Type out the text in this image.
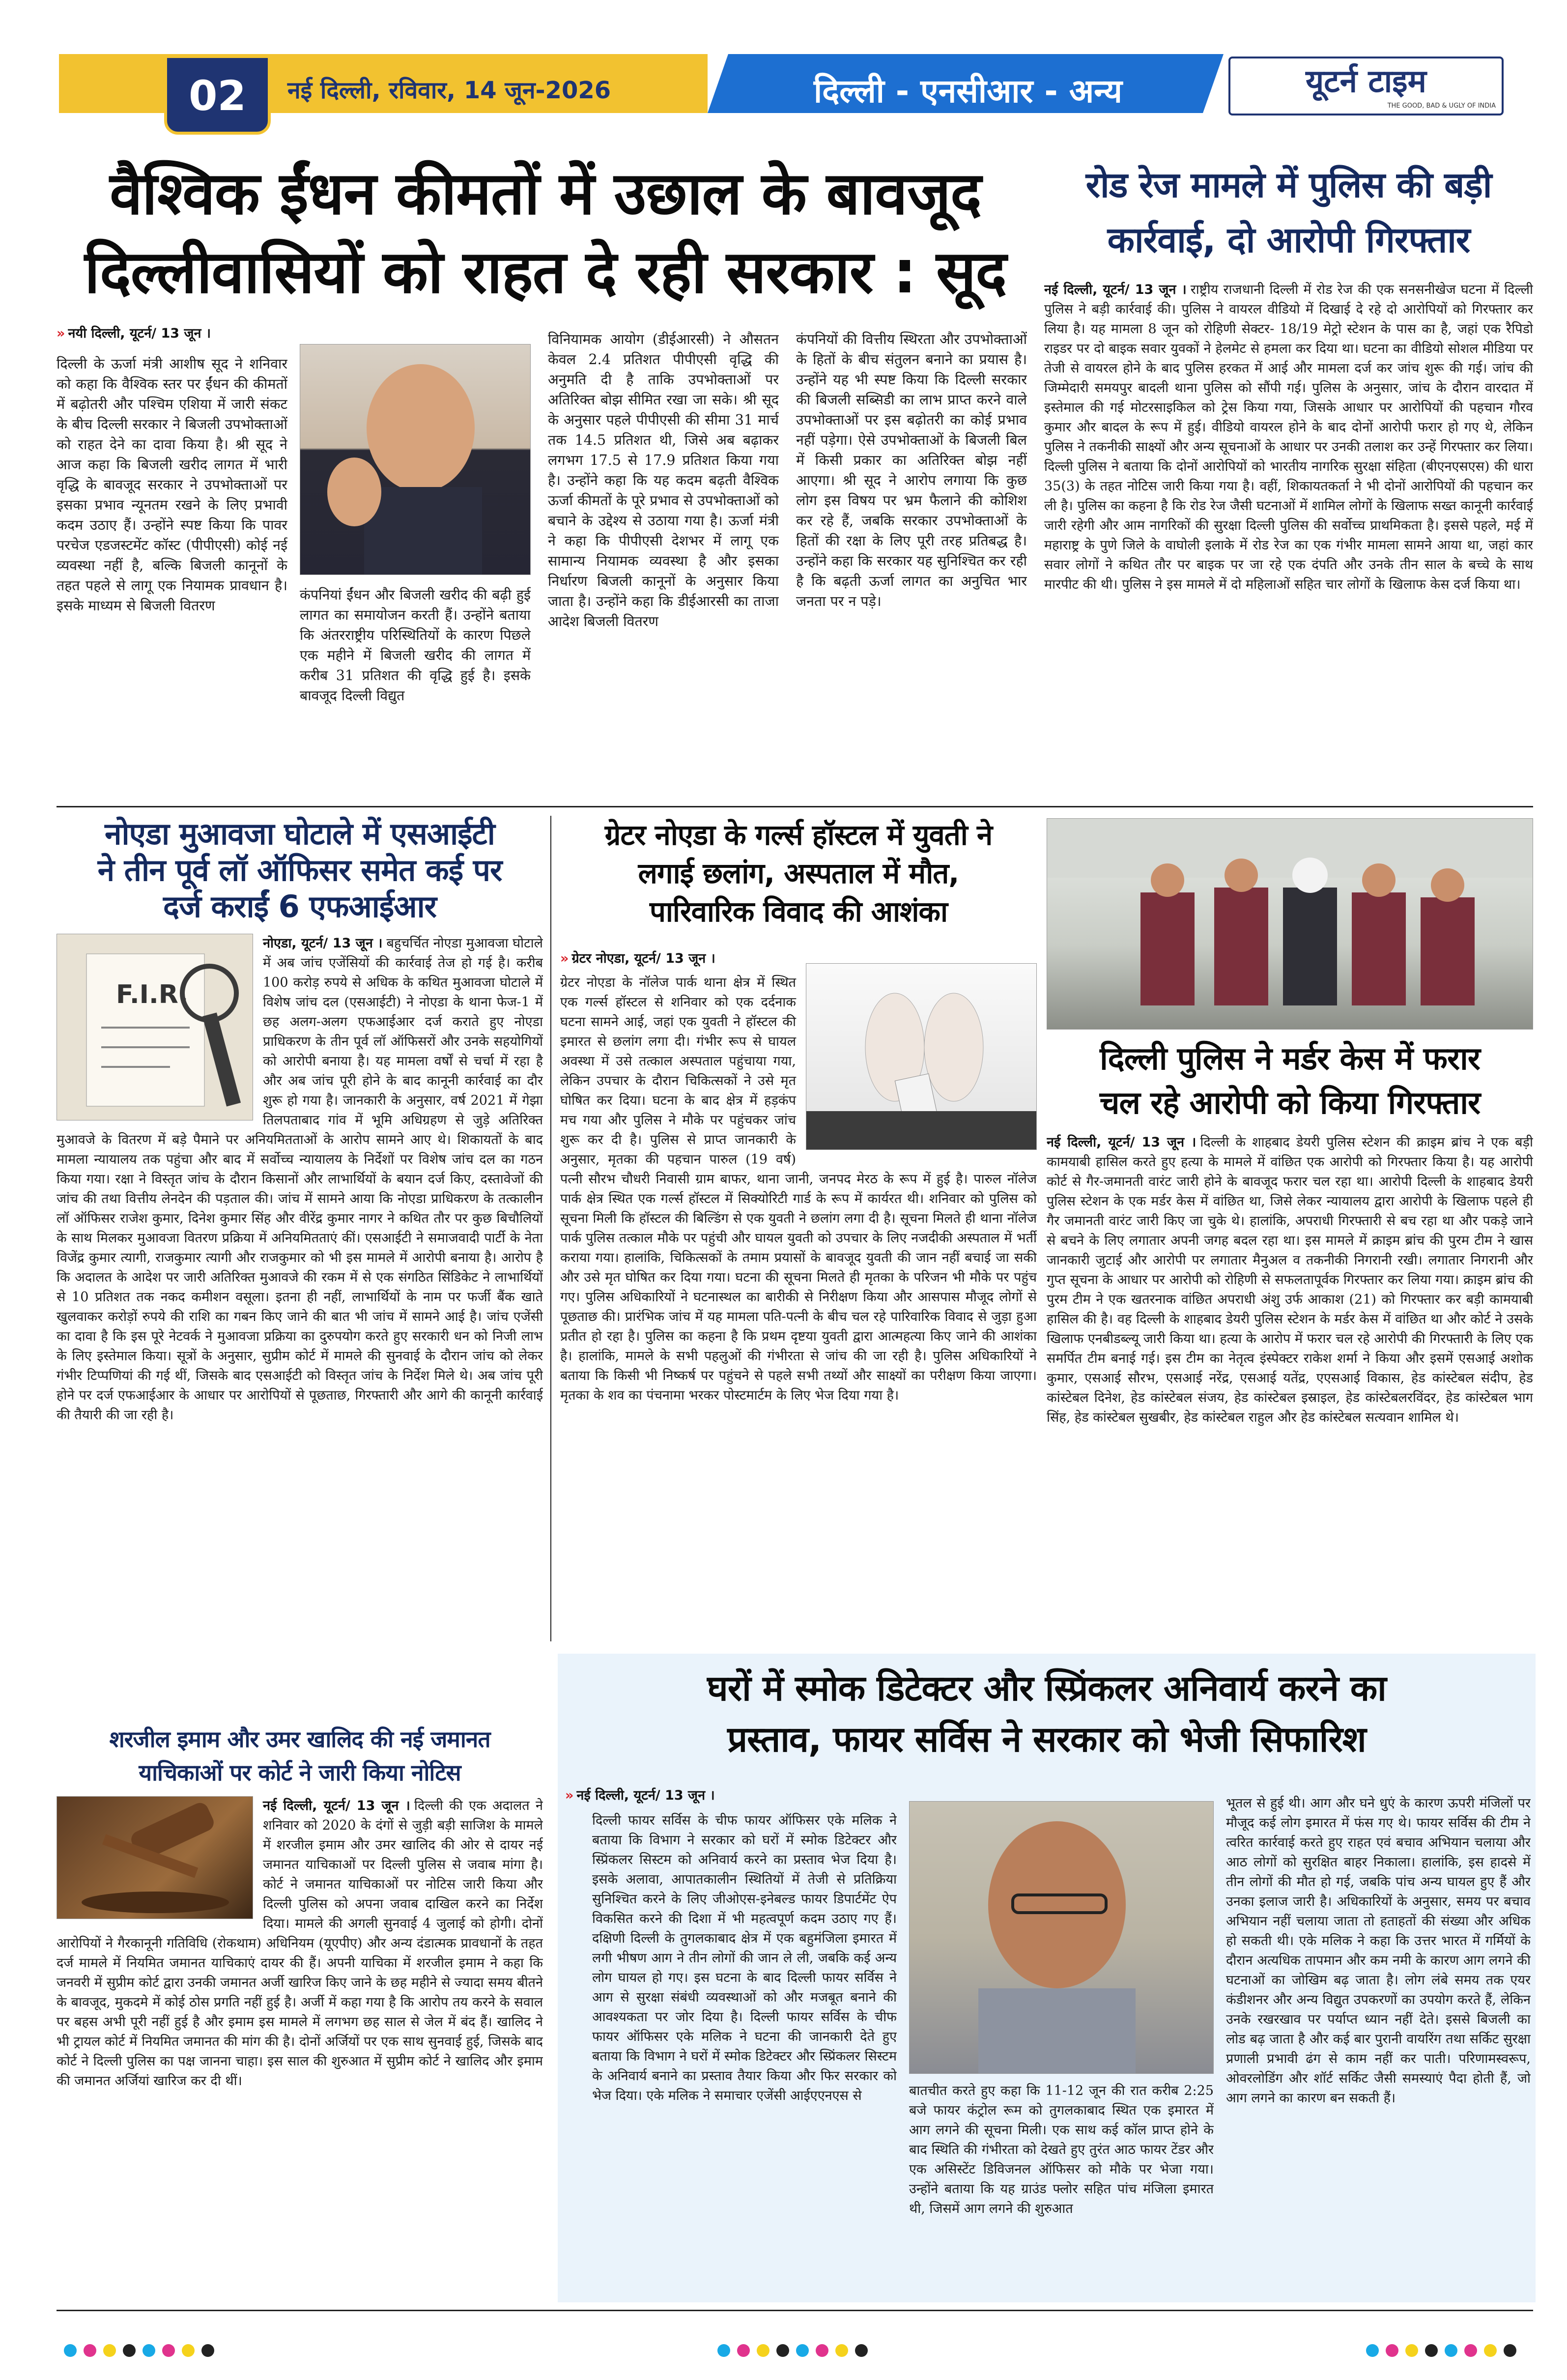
02	नई दिल्ली, रविवार, 14 जून-2026	दिल्ली - एनसीआर - अन्य	यूटर्न टाइम
THE GOOD, BAD & UGLY OF INDIA
वैश्विक ईंधन कीमतों में उछाल के बावजूद
दिल्लीवासियों को राहत दे रही सरकार : सूद
» नयी दिल्ली, यूटर्न/ 13 जून ।
दिल्ली के ऊर्जा मंत्री आशीष सूद ने शनिवार को कहा कि वैश्विक स्तर पर ईंधन की कीमतों में बढ़ोतरी और पश्चिम एशिया में जारी संकट के बीच दिल्ली सरकार ने बिजली उपभोक्ताओं को राहत देने का दावा किया है। श्री सूद ने आज कहा कि बिजली खरीद लागत में भारी वृद्धि के बावजूद सरकार ने उपभोक्ताओं पर इसका प्रभाव न्यूनतम रखने के लिए प्रभावी कदम उठाए हैं। उन्होंने स्पष्ट किया कि पावर परचेज एडजस्टमेंट कॉस्ट (पीपीएसी) कोई नई व्यवस्था नहीं है, बल्कि बिजली कानूनों के तहत पहले से लागू एक नियामक प्रावधान है। इसके माध्यम से बिजली वितरण
कंपनियां ईंधन और बिजली खरीद की बढ़ी हुई लागत का समायोजन करती हैं। उन्होंने बताया कि अंतरराष्ट्रीय परिस्थितियों के कारण पिछले एक महीने में बिजली खरीद की लागत में करीब 31 प्रतिशत की वृद्धि हुई है। इसके बावजूद दिल्ली विद्युत
विनियामक आयोग (डीईआरसी) ने औसतन केवल 2.4 प्रतिशत पीपीएसी वृद्धि की अनुमति दी है ताकि उपभोक्ताओं पर अतिरिक्त बोझ सीमित रखा जा सके। श्री सूद के अनुसार पहले पीपीएसी की सीमा 31 मार्च तक 14.5 प्रतिशत थी, जिसे अब बढ़ाकर लगभग 17.5 से 17.9 प्रतिशत किया गया है। उन्होंने कहा कि यह कदम बढ़ती वैश्विक ऊर्जा कीमतों के पूरे प्रभाव से उपभोक्ताओं को बचाने के उद्देश्य से उठाया गया है। ऊर्जा मंत्री ने कहा कि पीपीएसी देशभर में लागू एक सामान्य नियामक व्यवस्था है और इसका निर्धारण बिजली कानूनों के अनुसार किया जाता है। उन्होंने कहा कि डीईआरसी का ताजा आदेश बिजली वितरण
कंपनियों की वित्तीय स्थिरता और उपभोक्ताओं के हितों के बीच संतुलन बनाने का प्रयास है। उन्होंने यह भी स्पष्ट किया कि दिल्ली सरकार की बिजली सब्सिडी का लाभ प्राप्त करने वाले उपभोक्ताओं पर इस बढ़ोतरी का कोई प्रभाव नहीं पड़ेगा। ऐसे उपभोक्ताओं के बिजली बिल में किसी प्रकार का अतिरिक्त बोझ नहीं आएगा। श्री सूद ने आरोप लगाया कि कुछ लोग इस विषय पर भ्रम फैलाने की कोशिश कर रहे हैं, जबकि सरकार उपभोक्ताओं के हितों की रक्षा के लिए पूरी तरह प्रतिबद्ध है। उन्होंने कहा कि सरकार यह सुनिश्चित कर रही है कि बढ़ती ऊर्जा लागत का अनुचित भार जनता पर न पड़े।
रोड रेज मामले में पुलिस की बड़ी
कार्रवाई, दो आरोपी गिरफ्तार
नई दिल्ली, यूटर्न/ 13 जून । राष्ट्रीय राजधानी दिल्ली में रोड रेज की एक सनसनीखेज घटना में दिल्ली पुलिस ने बड़ी कार्रवाई की। पुलिस ने वायरल वीडियो में दिखाई दे रहे दो आरोपियों को गिरफ्तार कर लिया है। यह मामला 8 जून को रोहिणी सेक्टर- 18/19 मेट्रो स्टेशन के पास का है, जहां एक रैपिडो राइडर पर दो बाइक सवार युवकों ने हेलमेट से हमला कर दिया था। घटना का वीडियो सोशल मीडिया पर तेजी से वायरल होने के बाद पुलिस हरकत में आई और मामला दर्ज कर जांच शुरू की गई। जांच की जिम्मेदारी समयपुर बादली थाना पुलिस को सौंपी गई। पुलिस के अनुसार, जांच के दौरान वारदात में इस्तेमाल की गई मोटरसाइकिल को ट्रेस किया गया, जिसके आधार पर आरोपियों की पहचान गौरव कुमार और बादल के रूप में हुई। वीडियो वायरल होने के बाद दोनों आरोपी फरार हो गए थे, लेकिन पुलिस ने तकनीकी साक्ष्यों और अन्य सूचनाओं के आधार पर उनकी तलाश कर उन्हें गिरफ्तार कर लिया। दिल्ली पुलिस ने बताया कि दोनों आरोपियों को भारतीय नागरिक सुरक्षा संहिता (बीएनएसएस) की धारा 35(3) के तहत नोटिस जारी किया गया है। वहीं, शिकायतकर्ता ने भी दोनों आरोपियों की पहचान कर ली है। पुलिस का कहना है कि रोड रेज जैसी घटनाओं में शामिल लोगों के खिलाफ सख्त कानूनी कार्रवाई जारी रहेगी और आम नागरिकों की सुरक्षा दिल्ली पुलिस की सर्वोच्च प्राथमिकता है। इससे पहले, मई में महाराष्ट्र के पुणे जिले के वाघोली इलाके में रोड रेज का एक गंभीर मामला सामने आया था, जहां कार सवार लोगों ने कथित तौर पर बाइक पर जा रहे एक दंपति और उनके तीन साल के बच्चे के साथ मारपीट की थी। पुलिस ने इस मामले में दो महिलाओं सहित चार लोगों के खिलाफ केस दर्ज किया था।
नोएडा मुआवजा घोटाले में एसआईटी
ने तीन पूर्व लॉ ऑफिसर समेत कई पर
दर्ज कराईं 6 एफआईआर
F.I.R.
नोएडा, यूटर्न/ 13 जून । बहुचर्चित नोएडा मुआवजा घोटाले में अब जांच एजेंसियों की कार्रवाई तेज हो गई है। करीब 100 करोड़ रुपये से अधिक के कथित मुआवजा घोटाले में विशेष जांच दल (एसआईटी) ने नोएडा के थाना फेज-1 में छह अलग-अलग एफआईआर दर्ज कराते हुए नोएडा प्राधिकरण के तीन पूर्व लॉ ऑफिसरों और उनके सहयोगियों को आरोपी बनाया है। यह मामला वर्षों से चर्चा में रहा है और अब जांच पूरी होने के बाद कानूनी कार्रवाई का दौर शुरू हो गया है। जानकारी के अनुसार, वर्ष 2021 में गेझा तिलपताबाद गांव में भूमि अधिग्रहण से जुड़े अतिरिक्त मुआवजे के वितरण में बड़े पैमाने पर अनियमितताओं के आरोप सामने आए थे। शिकायतों के बाद मामला न्यायालय तक पहुंचा और बाद में सर्वोच्च न्यायालय के निर्देशों पर विशेष जांच दल का गठन किया गया। रक्षा ने विस्तृत जांच के दौरान किसानों और लाभार्थियों के बयान दर्ज किए, दस्तावेजों की जांच की तथा वित्तीय लेनदेन की पड़ताल की। जांच में सामने आया कि नोएडा प्राधिकरण के तत्कालीन लॉ ऑफिसर राजेश कुमार, दिनेश कुमार सिंह और वीरेंद्र कुमार नागर ने कथित तौर पर कुछ बिचौलियों के साथ मिलकर मुआवजा वितरण प्रक्रिया में अनियमितताएं कीं। एसआईटी ने समाजवादी पार्टी के नेता विजेंद्र कुमार त्यागी, राजकुमार त्यागी और राजकुमार को भी इस मामले में आरोपी बनाया है। आरोप है कि अदालत के आदेश पर जारी अतिरिक्त मुआवजे की रकम में से एक संगठित सिंडिकेट ने लाभार्थियों से 10 प्रतिशत तक नकद कमीशन वसूला। इतना ही नहीं, लाभार्थियों के नाम पर फर्जी बैंक खाते खुलवाकर करोड़ों रुपये की राशि का गबन किए जाने की बात भी जांच में सामने आई है। जांच एजेंसी का दावा है कि इस पूरे नेटवर्क ने मुआवजा प्रक्रिया का दुरुपयोग करते हुए सरकारी धन को निजी लाभ के लिए इस्तेमाल किया। सूत्रों के अनुसार, सुप्रीम कोर्ट में मामले की सुनवाई के दौरान जांच को लेकर गंभीर टिप्पणियां की गई थीं, जिसके बाद एसआईटी को विस्तृत जांच के निर्देश मिले थे। अब जांच पूरी होने पर दर्ज एफआईआर के आधार पर आरोपियों से पूछताछ, गिरफ्तारी और आगे की कानूनी कार्रवाई की तैयारी की जा रही है।
शरजील इमाम और उमर खालिद की नई जमानत
याचिकाओं पर कोर्ट ने जारी किया नोटिस
नई दिल्ली, यूटर्न/ 13 जून । दिल्ली की एक अदालत ने शनिवार को 2020 के दंगों से जुड़ी बड़ी साजिश के मामले में शरजील इमाम और उमर खालिद की ओर से दायर नई जमानत याचिकाओं पर दिल्ली पुलिस से जवाब मांगा है। कोर्ट ने जमानत याचिकाओं पर नोटिस जारी किया और दिल्ली पुलिस को अपना जवाब दाखिल करने का निर्देश दिया। मामले की अगली सुनवाई 4 जुलाई को होगी। दोनों आरोपियों ने गैरकानूनी गतिविधि (रोकथाम) अधिनियम (यूएपीए) और अन्य दंडात्मक प्रावधानों के तहत दर्ज मामले में नियमित जमानत याचिकाएं दायर की हैं। अपनी याचिका में शरजील इमाम ने कहा कि जनवरी में सुप्रीम कोर्ट द्वारा उनकी जमानत अर्जी खारिज किए जाने के छह महीने से ज्यादा समय बीतने के बावजूद, मुकदमे में कोई ठोस प्रगति नहीं हुई है। अर्जी में कहा गया है कि आरोप तय करने के सवाल पर बहस अभी पूरी नहीं हुई है और इमाम इस मामले में लगभग छह साल से जेल में बंद हैं। खालिद ने भी ट्रायल कोर्ट में नियमित जमानत की मांग की है। दोनों अर्जियों पर एक साथ सुनवाई हुई, जिसके बाद कोर्ट ने दिल्ली पुलिस का पक्ष जानना चाहा। इस साल की शुरुआत में सुप्रीम कोर्ट ने खालिद और इमाम की जमानत अर्जियां खारिज कर दी थीं।
ग्रेटर नोएडा के गर्ल्स हॉस्टल में युवती ने
लगाई छलांग, अस्पताल में मौत,
पारिवारिक विवाद की आशंका
» ग्रेटर नोएडा, यूटर्न/ 13 जून ।
ग्रेटर नोएडा के नॉलेज पार्क थाना क्षेत्र में स्थित एक गर्ल्स हॉस्टल से शनिवार को एक दर्दनाक घटना सामने आई, जहां एक युवती ने हॉस्टल की इमारत से छलांग लगा दी। गंभीर रूप से घायल अवस्था में उसे तत्काल अस्पताल पहुंचाया गया, लेकिन उपचार के दौरान चिकित्सकों ने उसे मृत घोषित कर दिया। घटना के बाद क्षेत्र में हड़कंप मच गया और पुलिस ने मौके पर पहुंचकर जांच शुरू कर दी है। पुलिस से प्राप्त जानकारी के अनुसार, मृतका की पहचान पारुल (19 वर्ष) पत्नी सौरभ चौधरी निवासी ग्राम बाफर, थाना जानी, जनपद मेरठ के रूप में हुई है। पारुल नॉलेज पार्क क्षेत्र स्थित एक गर्ल्स हॉस्टल में सिक्योरिटी गार्ड के रूप में कार्यरत थी। शनिवार को पुलिस को सूचना मिली कि हॉस्टल की बिल्डिंग से एक युवती ने छलांग लगा दी है। सूचना मिलते ही थाना नॉलेज पार्क पुलिस तत्काल मौके पर पहुंची और घायल युवती को उपचार के लिए नजदीकी अस्पताल में भर्ती कराया गया। हालांकि, चिकित्सकों के तमाम प्रयासों के बावजूद युवती की जान नहीं बचाई जा सकी और उसे मृत घोषित कर दिया गया। घटना की सूचना मिलते ही मृतका के परिजन भी मौके पर पहुंच गए। पुलिस अधिकारियों ने घटनास्थल का बारीकी से निरीक्षण किया और आसपास मौजूद लोगों से पूछताछ की। प्रारंभिक जांच में यह मामला पति-पत्नी के बीच चल रहे पारिवारिक विवाद से जुड़ा हुआ प्रतीत हो रहा है। पुलिस का कहना है कि प्रथम दृष्टया युवती द्वारा आत्महत्या किए जाने की आशंका है। हालांकि, मामले के सभी पहलुओं की गंभीरता से जांच की जा रही है। पुलिस अधिकारियों ने बताया कि किसी भी निष्कर्ष पर पहुंचने से पहले सभी तथ्यों और साक्ष्यों का परीक्षण किया जाएगा। मृतका के शव का पंचनामा भरकर पोस्टमार्टम के लिए भेज दिया गया है।
दिल्ली पुलिस ने मर्डर केस में फरार
चल रहे आरोपी को किया गिरफ्तार
नई दिल्ली, यूटर्न/ 13 जून । दिल्ली के शाहबाद डेयरी पुलिस स्टेशन की क्राइम ब्रांच ने एक बड़ी कामयाबी हासिल करते हुए हत्या के मामले में वांछित एक आरोपी को गिरफ्तार किया है। यह आरोपी कोर्ट से गैर-जमानती वारंट जारी होने के बावजूद फरार चल रहा था। आरोपी दिल्ली के शाहबाद डेयरी पुलिस स्टेशन के एक मर्डर केस में वांछित था, जिसे लेकर न्यायालय द्वारा आरोपी के खिलाफ पहले ही गैर जमानती वारंट जारी किए जा चुके थे। हालांकि, अपराधी गिरफ्तारी से बच रहा था और पकड़े जाने से बचने के लिए लगातार अपनी जगह बदल रहा था। इस मामले में क्राइम ब्रांच की पुरम टीम ने खास जानकारी जुटाई और आरोपी पर लगातार मैनुअल व तकनीकी निगरानी रखी। लगातार निगरानी और गुप्त सूचना के आधार पर आरोपी को रोहिणी से सफलतापूर्वक गिरफ्तार कर लिया गया। क्राइम ब्रांच की पुरम टीम ने एक खतरनाक वांछित अपराधी अंशु उर्फ आकाश (21) को गिरफ्तार कर बड़ी कामयाबी हासिल की है। वह दिल्ली के शाहबाद डेयरी पुलिस स्टेशन के मर्डर केस में वांछित था और कोर्ट ने उसके खिलाफ एनबीडब्ल्यू जारी किया था। हत्या के आरोप में फरार चल रहे आरोपी की गिरफ्तारी के लिए एक समर्पित टीम बनाई गई। इस टीम का नेतृत्व इंस्पेक्टर राकेश शर्मा ने किया और इसमें एसआई अशोक कुमार, एसआई सौरभ, एसआई नरेंद्र, एसआई यतेंद्र, एएसआई विकास, हेड कांस्टेबल संदीप, हेड कांस्टेबल दिनेश, हेड कांस्टेबल संजय, हेड कांस्टेबल इस्राइल, हेड कांस्टेबलरविंदर, हेड कांस्टेबल भाग सिंह, हेड कांस्टेबल सुखबीर, हेड कांस्टेबल राहुल और हेड कांस्टेबल सत्यवान शामिल थे।
घरों में स्मोक डिटेक्टर और स्प्रिंकलर अनिवार्य करने का
प्रस्ताव, फायर सर्विस ने सरकार को भेजी सिफारिश
» नई दिल्ली, यूटर्न/ 13 जून ।
दिल्ली फायर सर्विस के चीफ फायर ऑफिसर एके मलिक ने बताया कि विभाग ने सरकार को घरों में स्मोक डिटेक्टर और स्प्रिंकलर सिस्टम को अनिवार्य करने का प्रस्ताव भेज दिया है। इसके अलावा, आपातकालीन स्थितियों में तेजी से प्रतिक्रिया सुनिश्चित करने के लिए जीओएस-इनेबल्ड फायर डिपार्टमेंट ऐप विकसित करने की दिशा में भी महत्वपूर्ण कदम उठाए गए हैं। दक्षिणी दिल्ली के तुगलकाबाद क्षेत्र में एक बहुमंजिला इमारत में लगी भीषण आग ने तीन लोगों की जान ले ली, जबकि कई अन्य लोग घायल हो गए। इस घटना के बाद दिल्ली फायर सर्विस ने आग से सुरक्षा संबंधी व्यवस्थाओं को और मजबूत बनाने की आवश्यकता पर जोर दिया है। दिल्ली फायर सर्विस के चीफ फायर ऑफिसर एके मलिक ने घटना की जानकारी देते हुए बताया कि विभाग ने घरों में स्मोक डिटेक्टर और स्प्रिंकलर सिस्टम के अनिवार्य बनाने का प्रस्ताव तैयार किया और फिर सरकार को भेज दिया। एके मलिक ने समाचार एजेंसी आईएएनएस से	बातचीत करते हुए कहा कि 11-12 जून की रात करीब 2:25 बजे फायर कंट्रोल रूम को तुगलकाबाद स्थित एक इमारत में आग लगने की सूचना मिली। एक साथ कई कॉल प्राप्त होने के बाद स्थिति की गंभीरता को देखते हुए तुरंत आठ फायर टेंडर और एक असिस्टेंट डिविजनल ऑफिसर को मौके पर भेजा गया। उन्होंने बताया कि यह ग्राउंड फ्लोर सहित पांच मंजिला इमारत थी, जिसमें आग लगने की शुरुआत
भूतल से हुई थी। आग और घने धुएं के कारण ऊपरी मंजिलों पर मौजूद कई लोग इमारत में फंस गए थे। फायर सर्विस की टीम ने त्वरित कार्रवाई करते हुए राहत एवं बचाव अभियान चलाया और आठ लोगों को सुरक्षित बाहर निकाला। हालांकि, इस हादसे में तीन लोगों की मौत हो गई, जबकि पांच अन्य घायल हुए हैं और उनका इलाज जारी है। अधिकारियों के अनुसार, समय पर बचाव अभियान नहीं चलाया जाता तो हताहतों की संख्या और अधिक हो सकती थी। एके मलिक ने कहा कि उत्तर भारत में गर्मियों के दौरान अत्यधिक तापमान और कम नमी के कारण आग लगने की घटनाओं का जोखिम बढ़ जाता है। लोग लंबे समय तक एयर कंडीशनर और अन्य विद्युत उपकरणों का उपयोग करते हैं, लेकिन उनके रखरखाव पर पर्याप्त ध्यान नहीं देते। इससे बिजली का लोड बढ़ जाता है और कई बार पुरानी वायरिंग तथा सर्किट सुरक्षा प्रणाली प्रभावी ढंग से काम नहीं कर पाती। परिणामस्वरूप, ओवरलोडिंग और शॉर्ट सर्किट जैसी समस्याएं पैदा होती हैं, जो आग लगने का कारण बन सकती हैं।
